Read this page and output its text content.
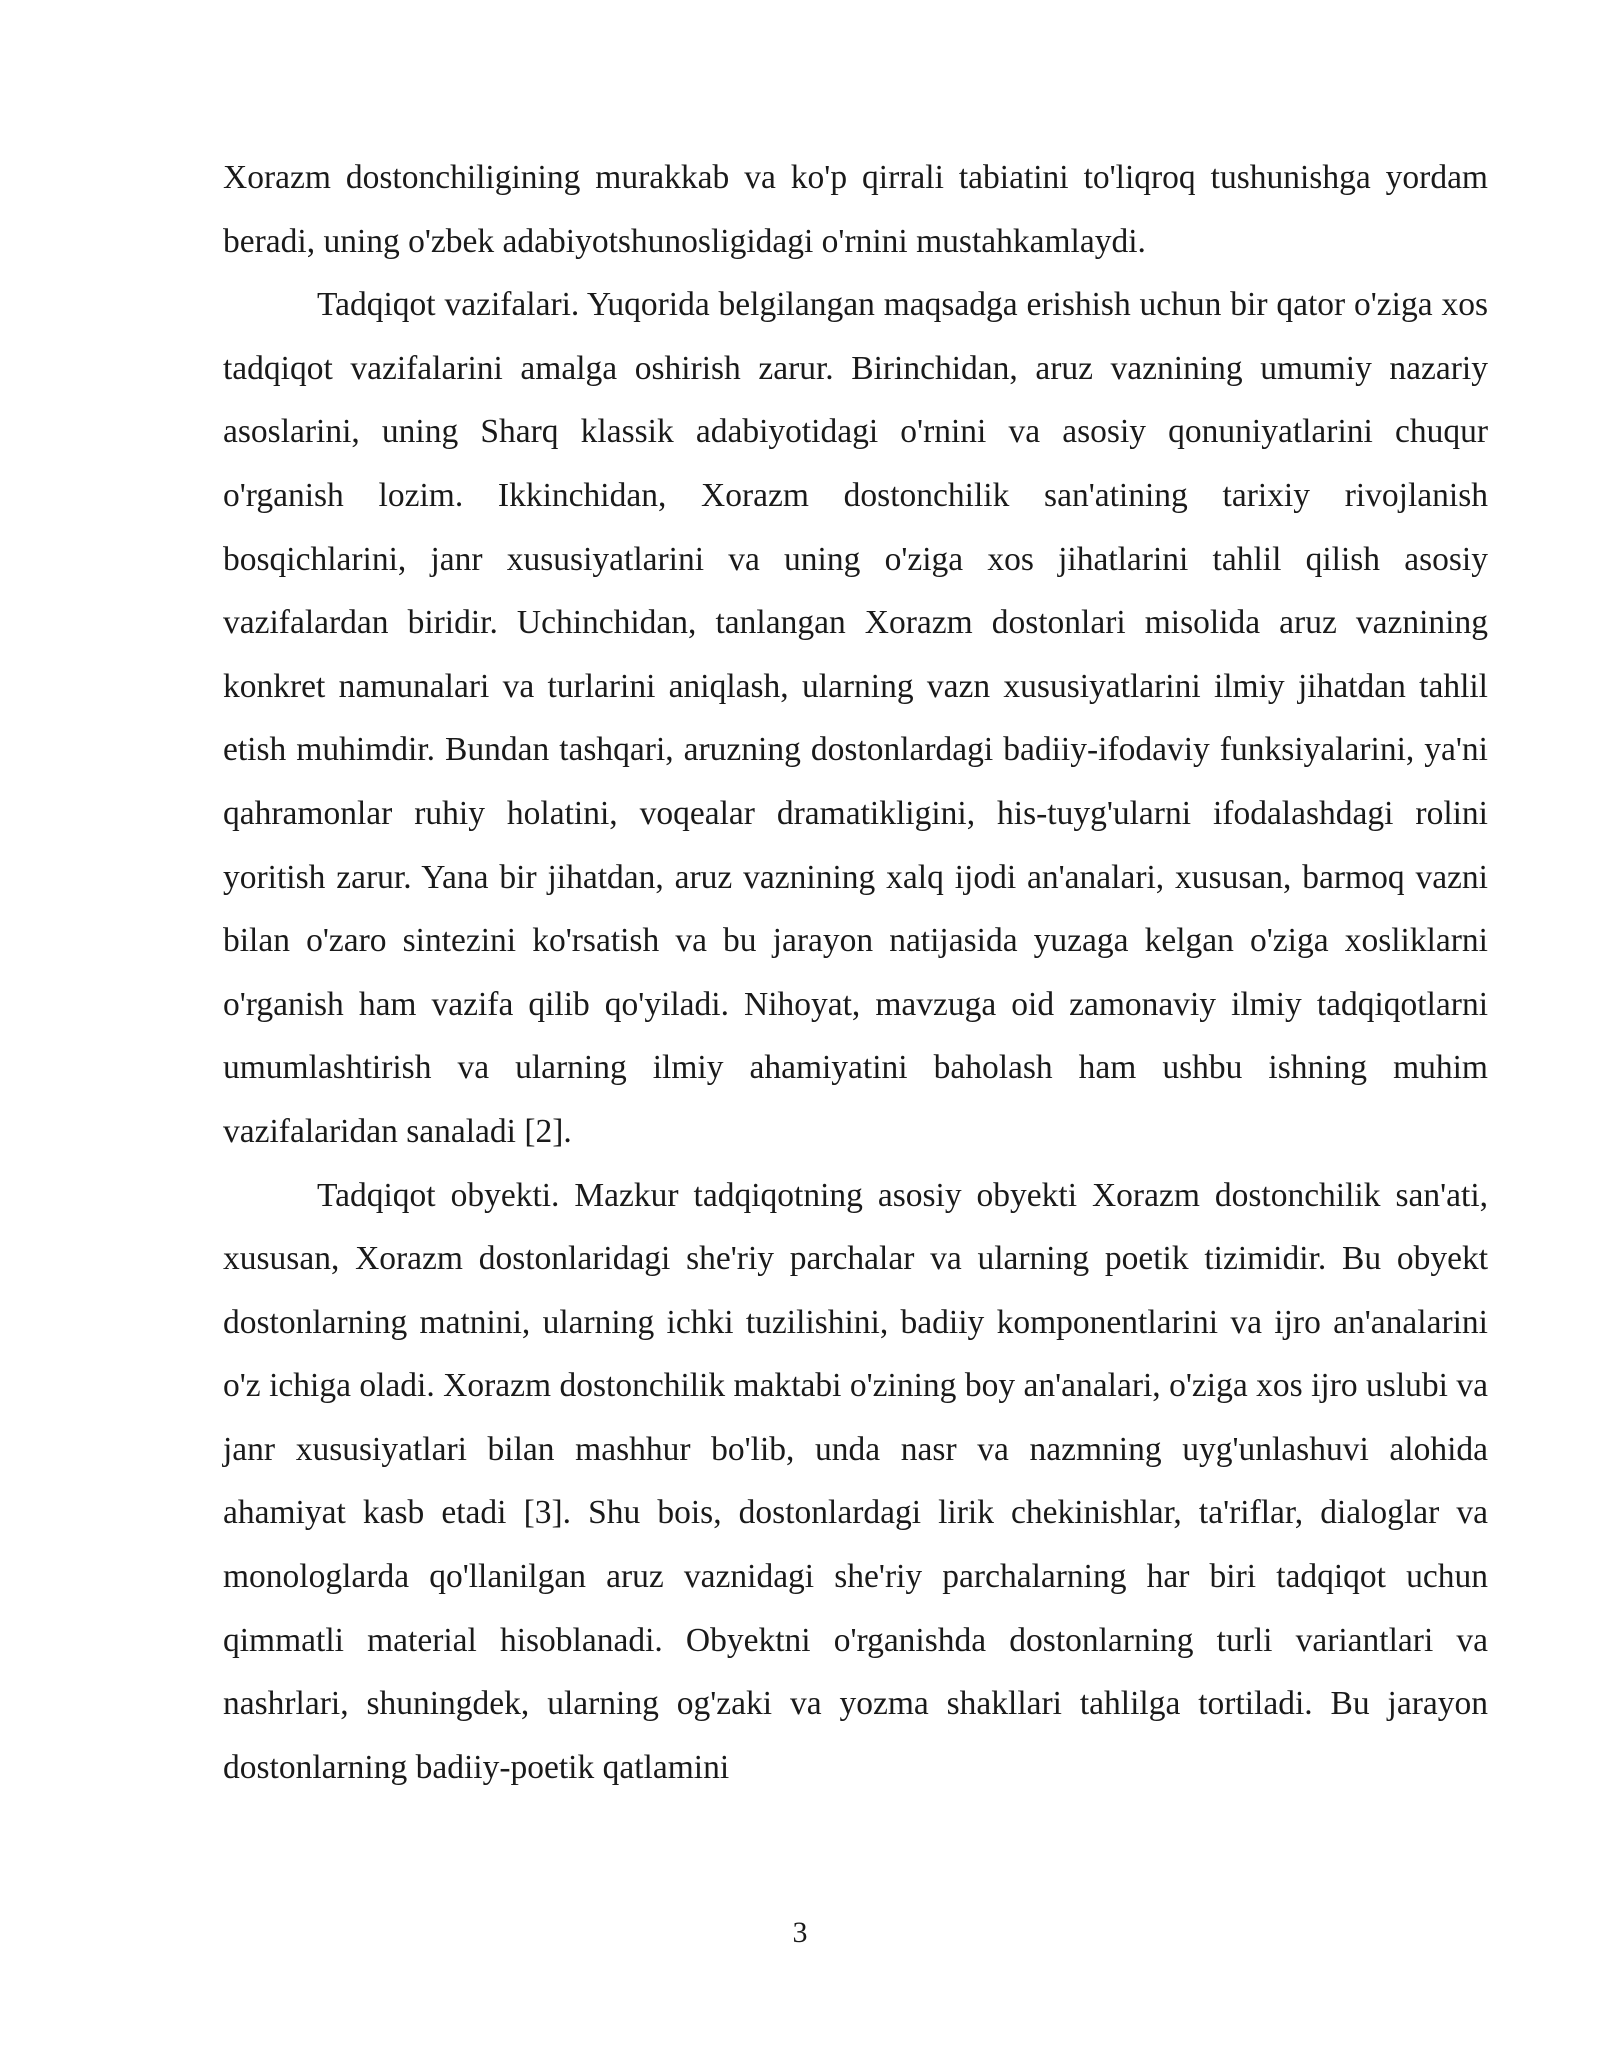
Xorazm dostonchiligining murakkab va ko'p qirrali tabiatini to'liqroq tushunishga yordam beradi, uning o'zbek adabiyotshunosligidagi o'rnini mustahkamlaydi.

Tadqiqot vazifalari. Yuqorida belgilangan maqsadga erishish uchun bir qator o'ziga xos tadqiqot vazifalarini amalga oshirish zarur. Birinchidan, aruz vaznining umumiy nazariy asoslarini, uning Sharq klassik adabiyotidagi o'rnini va asosiy qonuniyatlarini chuqur o'rganish lozim. Ikkinchidan, Xorazm dostonchilik san'atining tarixiy rivojlanish bosqichlarini, janr xususiyatlarini va uning o'ziga xos jihatlarini tahlil qilish asosiy vazifalardan biridir. Uchinchidan, tanlangan Xorazm dostonlari misolida aruz vaznining konkret namunalari va turlarini aniqlash, ularning vazn xususiyatlarini ilmiy jihatdan tahlil etish muhimdir. Bundan tashqari, aruzning dostonlardagi badiiy-ifodaviy funksiyalarini, ya'ni qahramonlar ruhiy holatini, voqealar dramatikligini, his-tuyg'ularni ifodalashdagi rolini yoritish zarur. Yana bir jihatdan, aruz vaznining xalq ijodi an'analari, xususan, barmoq vazni bilan o'zaro sintezini ko'rsatish va bu jarayon natijasida yuzaga kelgan o'ziga xosliklarni o'rganish ham vazifa qilib qo'yiladi. Nihoyat, mavzuga oid zamonaviy ilmiy tadqiqotlarni umumlashtirish va ularning ilmiy ahamiyatini baholash ham ushbu ishning muhim vazifalaridan sanaladi [2].

Tadqiqot obyekti. Mazkur tadqiqotning asosiy obyekti Xorazm dostonchilik san'ati, xususan, Xorazm dostonlaridagi she'riy parchalar va ularning poetik tizimidir. Bu obyekt dostonlarning matnini, ularning ichki tuzilishini, badiiy komponentlarini va ijro an'analarini o'z ichiga oladi. Xorazm dostonchilik maktabi o'zining boy an'analari, o'ziga xos ijro uslubi va janr xususiyatlari bilan mashhur bo'lib, unda nasr va nazmning uyg'unlashuvi alohida ahamiyat kasb etadi [3]. Shu bois, dostonlardagi lirik chekinishlar, ta'riflar, dialoglar va monologlarda qo'llanilgan aruz vaznidagi she'riy parchalarning har biri tadqiqot uchun qimmatli material hisoblanadi. Obyektni o'rganishda dostonlarning turli variantlari va nashrlari, shuningdek, ularning og'zaki va yozma shakllari tahlilga tortiladi. Bu jarayon dostonlarning badiiy-poetik qatlamini

3
